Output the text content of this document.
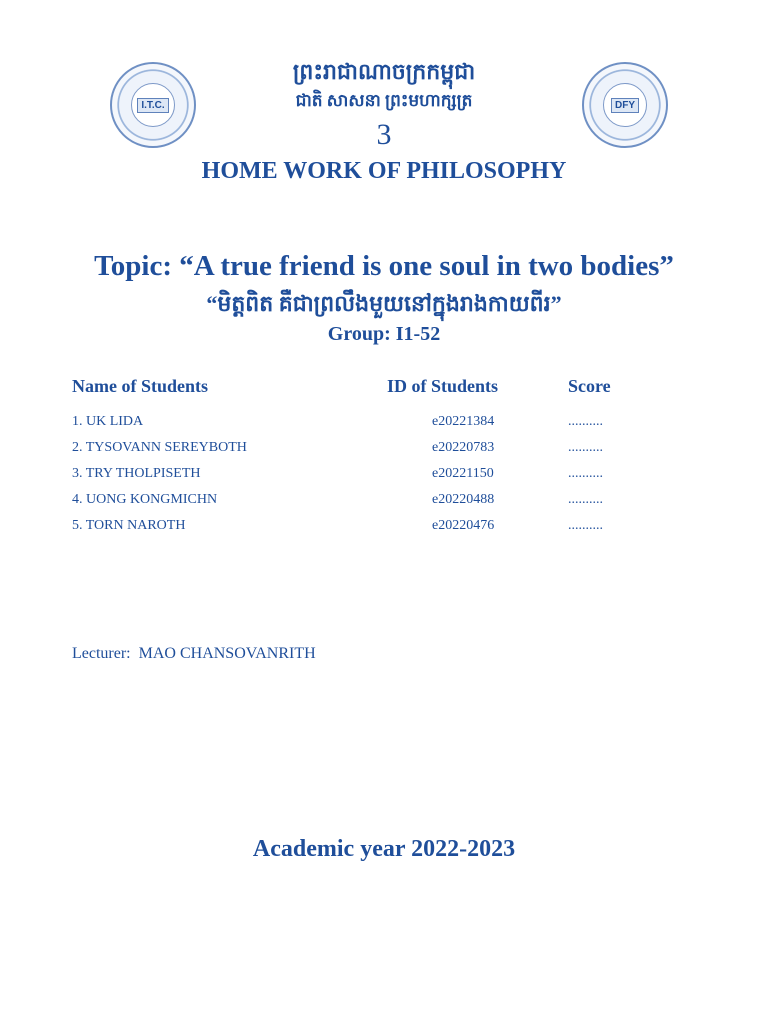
I.T.C.	DFY
ព្រះរាជាណាចក្រកម្ពុជា
ជាតិ សាសនា ព្រះមហាក្សត្រ
3
HOME WORK OF PHILOSOPHY
Topic: “A true friend is one soul in two bodies”
“មិត្តពិត គឺជាព្រលឹងមួយនៅក្នុងរាងកាយពីរ”
Group: I1-52
Name of Students	ID of Students	Score
1. UK LIDA	e20221384	..........
2. TYSOVANN SEREYBOTH	e20220783	..........
3. TRY THOLPISETH	e20221150	..........
4. UONG KONGMICHN	e20220488	..........
5. TORN NAROTH	e20220476	..........
Lecturer:  MAO CHANSOVANRITH
Academic year 2022-2023
